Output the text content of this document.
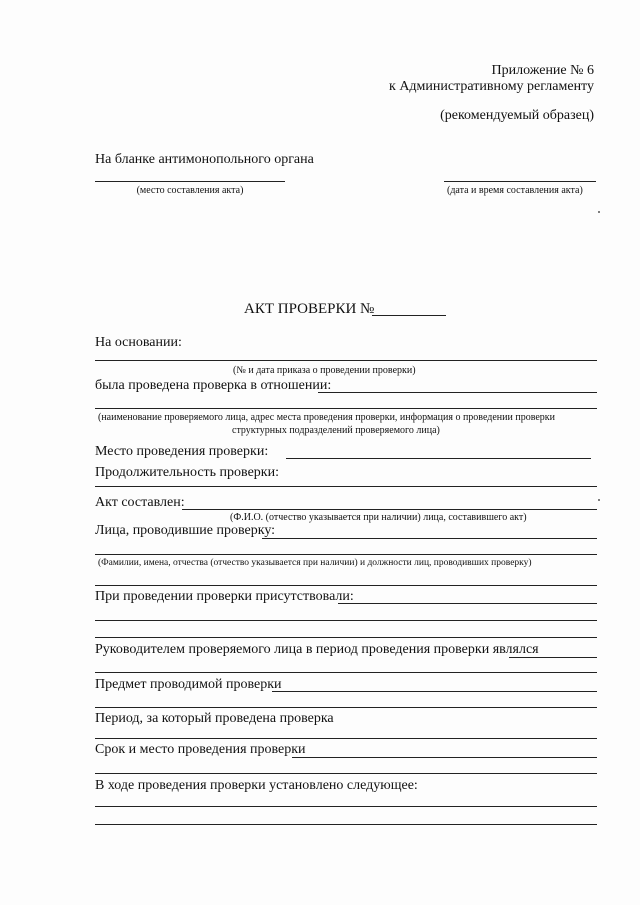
Приложение № 6
к Административному регламенту
(рекомендуемый образец)
На бланке антимонопольного органа
(место составления акта)	(дата и время составления акта)
АКТ ПРОВЕРКИ №
На основании:
(№ и дата приказа о проведении проверки)
была проведена проверка в отношении:
(наименование проверяемого лица, адрес места проведения проверки, информация о проведении проверки
структурных подразделений проверяемого лица)
Место проведения проверки:
Продолжительность проверки:
Акт составлен:
(Ф.И.О. (отчество указывается при наличии) лица, составившего акт)
Лица, проводившие проверку:
(Фамилии, имена, отчества (отчество указывается при наличии) и должности лиц, проводивших проверку)
При проведении проверки присутствовали:
Руководителем проверяемого лица в период проведения проверки являлся
Предмет проводимой проверки
Период, за который проведена проверка
Срок и место проведения проверки
В ходе проведения проверки установлено следующее:
